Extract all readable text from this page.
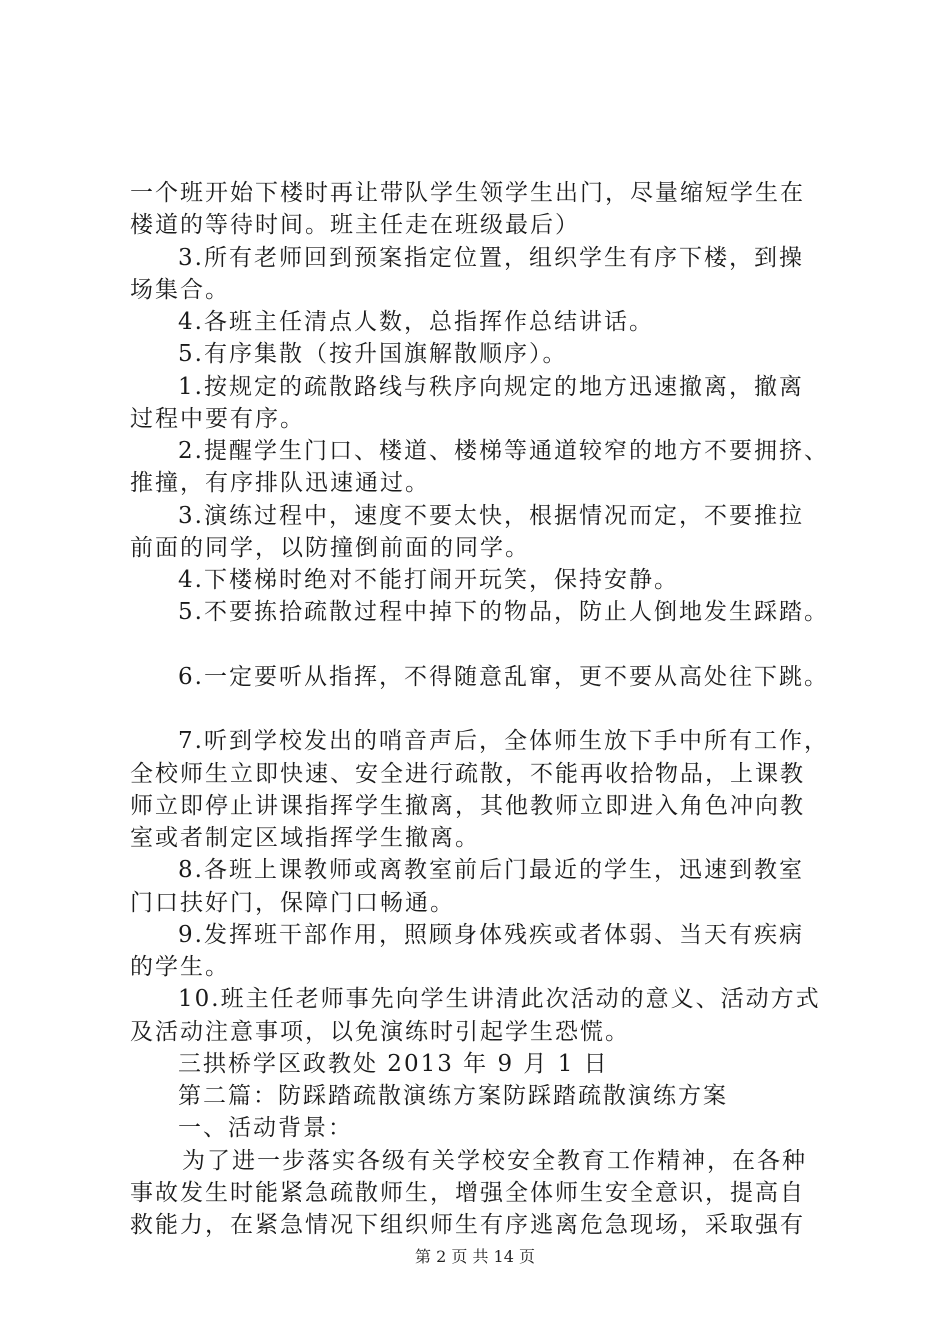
一个班开始下楼时再让带队学生领学生出门，尽量缩短学生在
楼道的等待时间。班主任走在班级最后）
3.所有老师回到预案指定位置，组织学生有序下楼，到操
场集合。
4.各班主任清点人数，总指挥作总结讲话。
5.有序集散（按升国旗解散顺序）。
1.按规定的疏散路线与秩序向规定的地方迅速撤离，撤离
过程中要有序。
2.提醒学生门口、楼道、楼梯等通道较窄的地方不要拥挤、
推撞，有序排队迅速通过。
3.演练过程中，速度不要太快，根据情况而定，不要推拉
前面的同学，以防撞倒前面的同学。
4.下楼梯时绝对不能打闹开玩笑，保持安静。
5.不要拣拾疏散过程中掉下的物品，防止人倒地发生踩踏。
6.一定要听从指挥，不得随意乱窜，更不要从高处往下跳。
7.听到学校发出的哨音声后，全体师生放下手中所有工作，
全校师生立即快速、安全进行疏散，不能再收拾物品，上课教
师立即停止讲课指挥学生撤离，其他教师立即进入角色冲向教
室或者制定区域指挥学生撤离。
8.各班上课教师或离教室前后门最近的学生，迅速到教室
门口扶好门，保障门口畅通。
9.发挥班干部作用，照顾身体残疾或者体弱、当天有疾病
的学生。
10.班主任老师事先向学生讲清此次活动的意义、活动方式
及活动注意事项，以免演练时引起学生恐慌。
三拱桥学区政教处 2013 年 9 月 1 日
第二篇：防踩踏疏散演练方案防踩踏疏散演练方案
一、活动背景：
为了进一步落实各级有关学校安全教育工作精神，在各种
事故发生时能紧急疏散师生，增强全体师生安全意识，提高自
救能力，在紧急情况下组织师生有序逃离危急现场，采取强有
第 2 页 共 14 页
